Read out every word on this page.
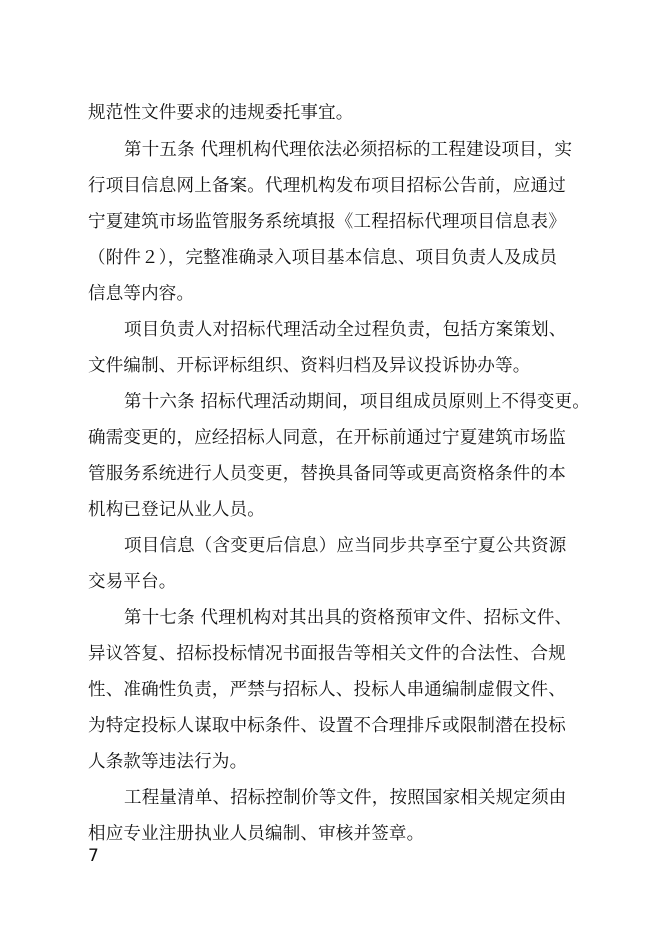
规范性文件要求的违规委托事宜。
第十五条 代理机构代理依法必须招标的工程建设项目，实
行项目信息网上备案。代理机构发布项目招标公告前，应通过
宁夏建筑市场监管服务系统填报《工程招标代理项目信息表》
（附件２），完整准确录入项目基本信息、项目负责人及成员
信息等内容。
项目负责人对招标代理活动全过程负责，包括方案策划、
文件编制、开标评标组织、资料归档及异议投诉协办等。
第十六条 招标代理活动期间，项目组成员原则上不得变更。
确需变更的，应经招标人同意，在开标前通过宁夏建筑市场监
管服务系统进行人员变更，替换具备同等或更高资格条件的本
机构已登记从业人员。
项目信息（含变更后信息）应当同步共享至宁夏公共资源
交易平台。
第十七条 代理机构对其出具的资格预审文件、招标文件、
异议答复、招标投标情况书面报告等相关文件的合法性、合规
性、准确性负责，严禁与招标人、投标人串通编制虚假文件、
为特定投标人谋取中标条件、设置不合理排斥或限制潜在投标
人条款等违法行为。
工程量清单、招标控制价等文件，按照国家相关规定须由
相应专业注册执业人员编制、审核并签章。
7
